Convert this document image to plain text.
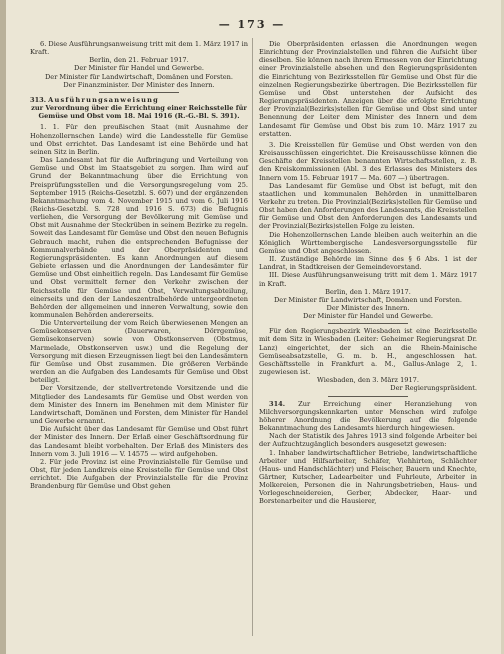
— 173 —

6. Diese Ausführungsanweisung tritt mit dem 1. März 1917 in Kraft.

Berlin, den 21. Februar 1917.

Der Minister für Handel und Gewerbe.

Der Minister für Landwirtschaft, Domänen und Forsten.

Der Finanzminister. Der Minister des Innern.

313. Ausführungsanweisung

zur Verordnung über die Errichtung einer Reichsstelle für Gemüse und Obst vom 18. Mai 1916 (R.-G.-Bl. S. 391).

1. 1. Für den preußischen Staat (mit Ausnahme der Hohenzollernschen Lande) wird die Landesstelle für Gemüse und Obst errichtet. Das Landesamt ist eine Behörde und hat seinen Sitz in Berlin.

Das Landesamt hat für die Aufbringung und Verteilung von Gemüse und Obst im Staatsgebiet zu sorgen. Ihm wird auf Grund der Bekanntmachung über die Errichtung von Preisprüfungsstellen und die Versorgungsregelung vom 25. September 1915 (Reichs-Gesetzbl. S. 607) und der ergänzenden Bekanntmachung vom 4. November 1915 und vom 6. Juli 1916 (Reichs-Gesetzbl. S. 728 und 1916 S. 673) die Befugnis verliehen, die Versorgung der Bevölkerung mit Gemüse und Obst mit Ausnahme der Steckrüben in seinem Bezirke zu regeln. Soweit das Landesamt für Gemüse und Obst den neuen Befugnis Gebrauch macht, ruhen die entsprechenden Befugnisse der Kommunalverbände und der Oberpräsidenten und Regierungspräsidenten. Es kann Anordnungen auf diesem Gebiete erlassen und die Anordnungen der Landesämter für Gemüse und Obst einheitlich regeln. Das Landesamt für Gemüse und Obst vermittelt ferner den Verkehr zwischen der Reichsstelle für Gemüse und Obst, Verwaltungsabteilung, einerseits und den der Landeszentralbehörde untergeordneten Behörden der allgemeinen und inneren Verwaltung, sowie den kommunalen Behörden andererseits.

Die Unterverteilung der vom Reich überwiesenen Mengen an Gemüsekonserven (Dauerwaren, Dörrgemüse, Gemüsekonserven) sowie von Obstkonserven (Obstmus, Marmelade, Obstkonserven usw.) und die Regelung der Versorgung mit diesen Erzeugnissen liegt bei den Landesämtern für Gemüse und Obst zusammen. Die größeren Verbände werden an die Aufgaben des Landesamts für Gemüse und Obst beteiligt.

Der Vorsitzende, der stellvertretende Vorsitzende und die Mitglieder des Landesamts für Gemüse und Obst werden von dem Minister des Innern im Benehmen mit dem Minister für Landwirtschaft, Domänen und Forsten, dem Minister für Handel und Gewerbe ernannt.

Die Aufsicht über das Landesamt für Gemüse und Obst führt der Minister des Innern. Der Erlaß einer Geschäftsordnung für das Landesamt bleibt vorbehalten. Der Erlaß des Ministers des Innern vom 3. Juli 1916 — V. 14575 — wird aufgehoben.

2. Für jede Provinz ist eine Provinzialstelle für Gemüse und Obst, für jeden Landkreis eine Kreisstelle für Gemüse und Obst errichtet. Die Aufgaben der Provinzialstelle für die Provinz Brandenburg für Gemüse und Obst gehen

Die Oberpräsidenten erlassen die Anordnungen wegen Einrichtung der Provinzialstellen und führen die Aufsicht über dieselben. Sie können nach ihrem Ermessen von der Einrichtung einer Provinzialstelle absehen und den Regierungspräsidenten die Einrichtung von Bezirksstellen für Gemüse und Obst für die einzelnen Regierungsbezirke übertragen. Die Bezirksstellen für Gemüse und Obst unterstehen der Aufsicht des Regierungspräsidenten. Anzeigen über die erfolgte Errichtung der Provinzial(Bezirks)stellen für Gemüse und Obst sind unter Benennung der Leiter dem Minister des Innern und dem Landesamt für Gemüse und Obst bis zum 10. März 1917 zu erstatten.

3. Die Kreisstellen für Gemüse und Obst werden von den Kreisausschüssen eingerichtet. Die Kreisausschüsse können die Geschäfte der Kreisstellen benannten Wirtschaftsstellen, z. B. den Kreiskommissionen (Abl. 3 des Erlasses des Ministers des Innern vom 15. Februar 1917 — Ma. 607 —) übertragen.

Das Landesamt für Gemüse und Obst ist befugt, mit den staatlichen und kommunalen Behörden in unmittelbaren Verkehr zu treten. Die Provinzial(Bezirks)stellen für Gemüse und Obst haben den Anforderungen des Landesamts, die Kreisstellen für Gemüse und Obst den Anforderungen des Landesamts und der Provinzial(Bezirks)stellen Folge zu leisten.

Die Hohenzollernschen Lande bleiben auch weiterhin an die Königlich Württembergische Landesversorgungsstelle für Gemüse und Obst angeschlossen.

II. Zuständige Behörde im Sinne des § 6 Abs. 1 ist der Landrat, in Stadtkreisen der Gemeindevorstand.

III. Diese Ausführungsanweisung tritt mit dem 1. März 1917 in Kraft.

Berlin, den 1. März 1917.

Der Minister für Landwirtschaft, Domänen und Forsten.

Der Minister des Innern.

Der Minister für Handel und Gewerbe.

Für den Regierungsbezirk Wiesbaden ist eine Bezirksstelle mit dem Sitz in Wiesbaden (Leiter: Geheimer Regierungsrat Dr. Lanz) eingerichtet, der sich an die Rhein-Mainische Gemüseabsatzstelle, G. m. b. H., angeschlossen hat. Geschäftsstelle in Frankfurt a. M., Gallus-Anlage 2, 1. zugewiesen ist.

Wiesbaden, den 3. März 1917.

Der Regierungspräsident.

314. Zur Erreichung einer Heranziehung von Milchversorgungskennkarten unter Menschen wird zufolge höherer Anordnung die Bevölkerung auf die folgende Bekanntmachung des Landesamts hierdurch hingewiesen.

Nach der Statistik des Jahres 1913 sind folgende Arbeiter bei der Aufzuchtzugänglich besonders ausgesetzt gewesen:

1. Inhaber landwirtschaftlicher Betriebe, landwirtschaftliche Arbeiter und Hilfsarbeiter, Schäfer, Viehhirten, Schlächter (Haus- und Handschlächter) und Fleischer, Bauern und Knechte, Gärtner, Kutscher, Ladearbeiter und Fuhrleute, Arbeiter in Molkereien, Personen die in Nahrungsbetrieben, Haus- und Vorlegeschneidereien, Gerber, Abdecker, Haar- und Borstenarbeiter und die Hausierer,
